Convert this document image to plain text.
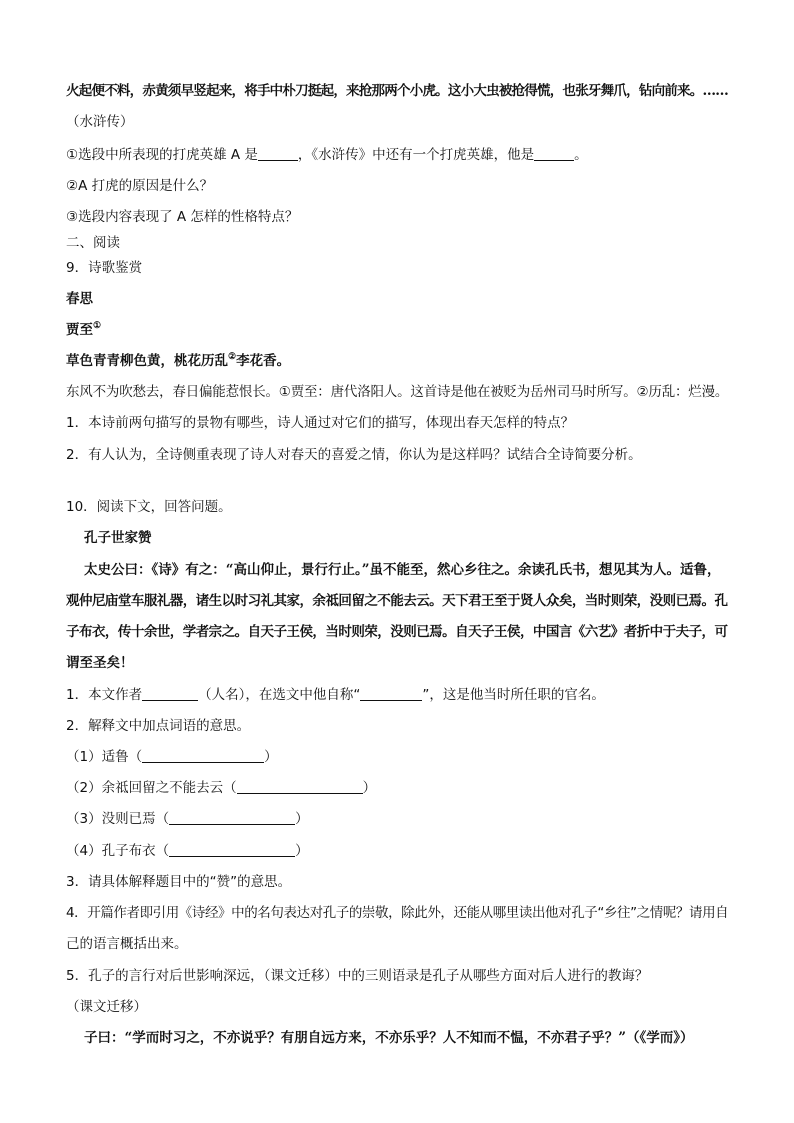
火起便不料，赤黄须早竖起来，将手中朴刀挺起，来抢那两个小虎。这小大虫被抢得慌，也张牙舞爪，钻向前来。……
（水浒传）
①选段中所表现的打虎英雄 A 是	，《水浒传》中还有一个打虎英雄，他是	。
②A 打虎的原因是什么？
③选段内容表现了 A 怎样的性格特点？
二、阅读
9．诗歌鉴赏
春思
贾至①
草色青青柳色黄，桃花历乱②李花香。
东风不为吹愁去，春日偏能惹恨长。①贾至：唐代洛阳人。这首诗是他在被贬为岳州司马时所写。②历乱：烂漫。
1．本诗前两句描写的景物有哪些，诗人通过对它们的描写，体现出春天怎样的特点？
2．有人认为，全诗侧重表现了诗人对春天的喜爱之情，你认为是这样吗？试结合全诗简要分析。
10．阅读下文，回答问题。
孔子世家赞
太史公曰：《诗》有之：“高山仰止，景行行止。”虽不能至，然心乡往之。余读孔氏书，想见其为人。适鲁，
观仲尼庙堂车服礼器，诸生以时习礼其家，余祗回留之不能去云。天下君王至于贤人众矣，当时则荣，没则已焉。孔
子布衣，传十余世，学者宗之。自天子王侯，当时则荣，没则已焉。自天子王侯，中国言《六艺》者折中于夫子，可
谓至圣矣！
1．本文作者	（人名），在选文中他自称“	”，这是他当时所任职的官名。
2．解释文中加点词语的意思。
（1）适鲁（	）
（2）余祗回留之不能去云（	）
（3）没则已焉（	）
（4）孔子布衣（	）
3．请具体解释题目中的“赞”的意思。
4．开篇作者即引用《诗经》中的名句表达对孔子的崇敬，除此外，还能从哪里读出他对孔子“乡往”之情呢？请用自
己的语言概括出来。
5．孔子的言行对后世影响深远，（课文迁移）中的三则语录是孔子从哪些方面对后人进行的教诲？
（课文迁移）
子曰：“学而时习之，不亦说乎？有朋自远方来，不亦乐乎？人不知而不愠，不亦君子乎？”（《学而》）
